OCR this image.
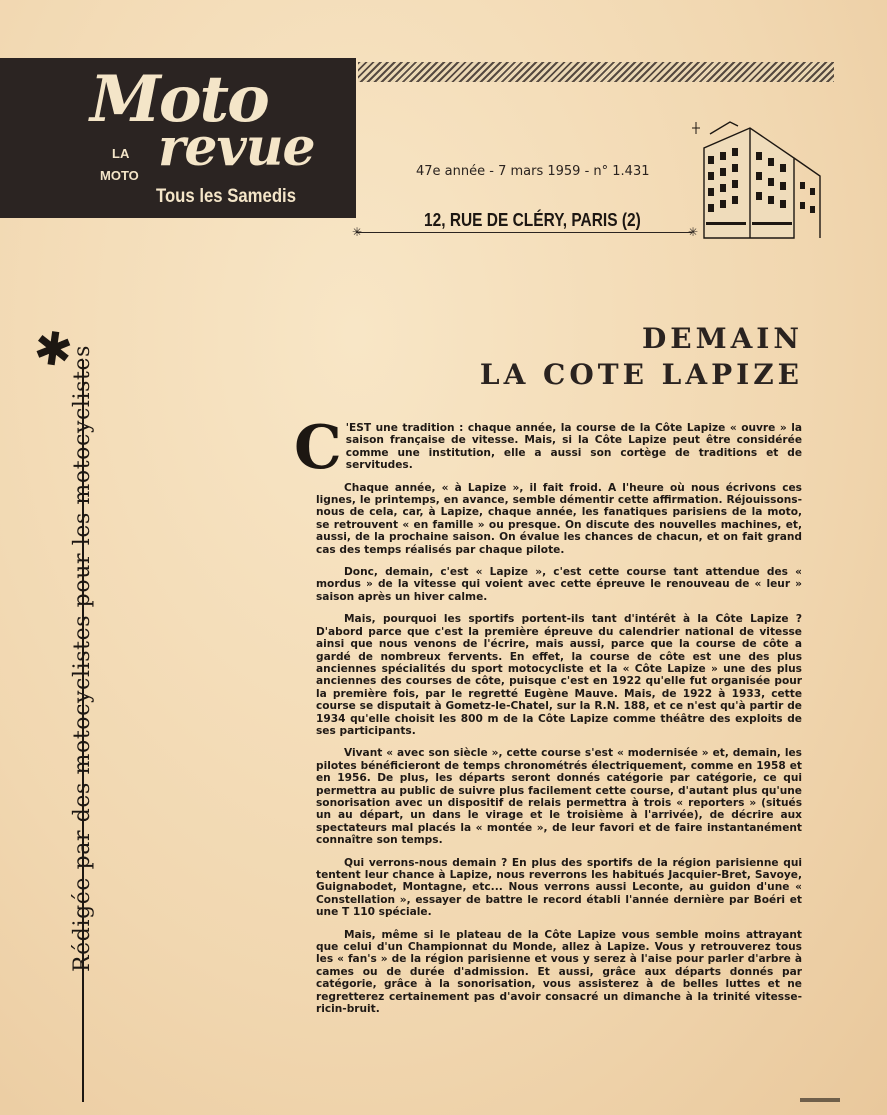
Moto
revue
LA
MOTO
Tous les Samedis
47e année - 7 mars 1959 - n° 1.431
12, RUE DE CLÉRY, PARIS (2)
✳	✳
✱
Rédigée par des motocyclistes pour les motocyclistes
DEMAIN
LA COTE LAPIZE

C 'EST une tradition : chaque année, la course de la Côte Lapize « ouvre » la saison française de vitesse. Mais, si la Côte Lapize peut être considérée comme une institution, elle a aussi son cortège de traditions et de servitudes.

Chaque année, « à Lapize », il fait froid. A l'heure où nous écrivons ces lignes, le printemps, en avance, semble démentir cette affirmation. Réjouissons-nous de cela, car, à Lapize, chaque année, les fanatiques parisiens de la moto, se retrouvent « en famille » ou presque. On discute des nouvelles machines, et, aussi, de la prochaine saison. On évalue les chances de chacun, et on fait grand cas des temps réalisés par chaque pilote.

Donc, demain, c'est « Lapize », c'est cette course tant attendue des « mordus » de la vitesse qui voient avec cette épreuve le renouveau de « leur » saison après un hiver calme.

Mais, pourquoi les sportifs portent-ils tant d'intérêt à la Côte Lapize ? D'abord parce que c'est la première épreuve du calendrier national de vitesse ainsi que nous venons de l'écrire, mais aussi, parce que la course de côte a gardé de nombreux fervents. En effet, la course de côte est une des plus anciennes spécialités du sport motocycliste et la « Côte Lapize » une des plus anciennes des courses de côte, puisque c'est en 1922 qu'elle fut organisée pour la première fois, par le regretté Eugène Mauve. Mais, de 1922 à 1933, cette course se disputait à Gometz-le-Chatel, sur la R.N. 188, et ce n'est qu'à partir de 1934 qu'elle choisit les 800 m de la Côte Lapize comme théâtre des exploits de ses participants.

Vivant « avec son siècle », cette course s'est « modernisée » et, demain, les pilotes bénéficieront de temps chronométrés électriquement, comme en 1958 et en 1956. De plus, les départs seront donnés catégorie par catégorie, ce qui permettra au public de suivre plus facilement cette course, d'autant plus qu'une sonorisation avec un dispositif de relais permettra à trois « reporters » (situés un au départ, un dans le virage et le troisième à l'arrivée), de décrire aux spectateurs mal placés la « montée », de leur favori et de faire instantanément connaître son temps.

Qui verrons-nous demain ? En plus des sportifs de la région parisienne qui tentent leur chance à Lapize, nous reverrons les habitués Jacquier-Bret, Savoye, Guignabodet, Montagne, etc... Nous verrons aussi Leconte, au guidon d'une « Constellation », essayer de battre le record établi l'année dernière par Boéri et une T 110 spéciale.

Mais, même si le plateau de la Côte Lapize vous semble moins attrayant que celui d'un Championnat du Monde, allez à Lapize. Vous y retrouverez tous les « fan's » de la région parisienne et vous y serez à l'aise pour parler d'arbre à cames ou de durée d'admission. Et aussi, grâce aux départs donnés par catégorie, grâce à la sonorisation, vous assisterez à de belles luttes et ne regretterez certainement pas d'avoir consacré un dimanche à la trinité vitesse-ricin-bruit.
